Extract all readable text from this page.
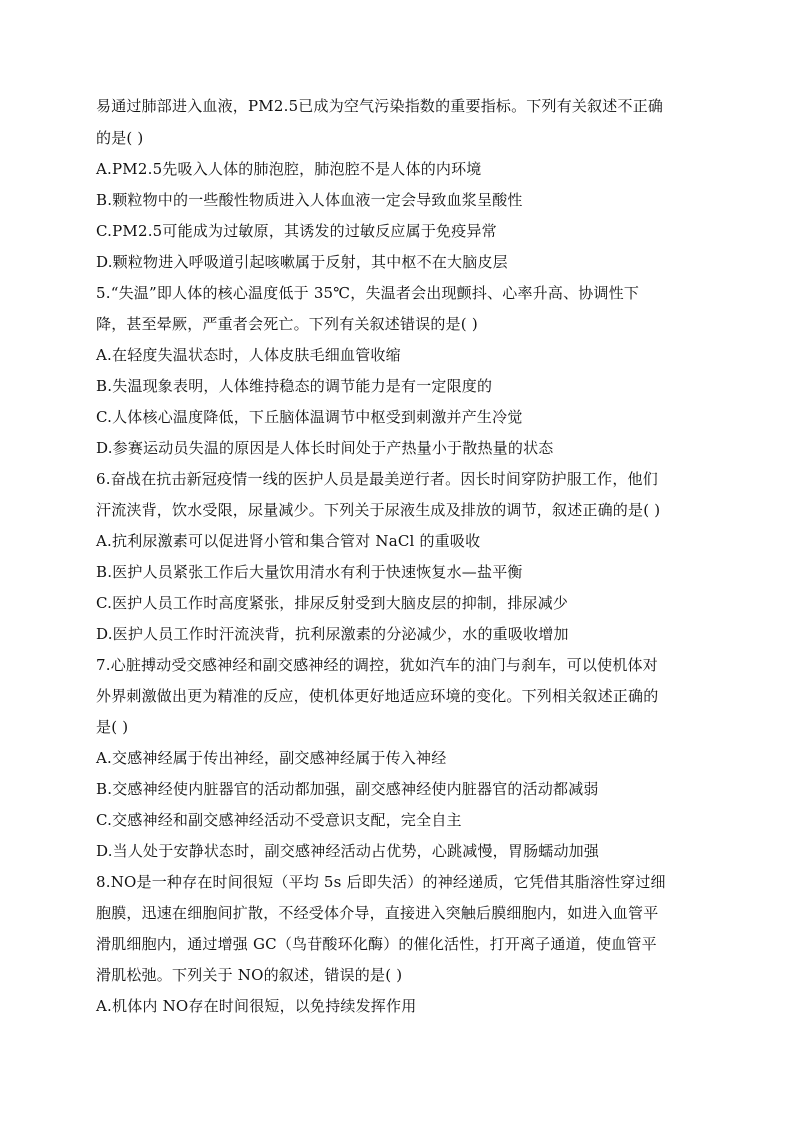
易通过肺部进入血液，PM2.5已成为空气污染指数的重要指标。下列有关叙述不正确
的是( )
A.PM2.5先吸入人体的肺泡腔，肺泡腔不是人体的内环境
B.颗粒物中的一些酸性物质进入人体血液一定会导致血浆呈酸性
C.PM2.5可能成为过敏原，其诱发的过敏反应属于免疫异常
D.颗粒物进入呼吸道引起咳嗽属于反射，其中枢不在大脑皮层
5.“失温”即人体的核心温度低于 35℃，失温者会出现颤抖、心率升高、协调性下
降，甚至晕厥，严重者会死亡。下列有关叙述错误的是( )
A.在轻度失温状态时，人体皮肤毛细血管收缩
B.失温现象表明，人体维持稳态的调节能力是有一定限度的
C.人体核心温度降低，下丘脑体温调节中枢受到刺激并产生冷觉
D.参赛运动员失温的原因是人体长时间处于产热量小于散热量的状态
6.奋战在抗击新冠疫情一线的医护人员是最美逆行者。因长时间穿防护服工作，他们
汗流浃背，饮水受限，尿量减少。下列关于尿液生成及排放的调节，叙述正确的是( )
A.抗利尿激素可以促进肾小管和集合管对 NaCl 的重吸收
B.医护人员紧张工作后大量饮用清水有利于快速恢复水—盐平衡
C.医护人员工作时高度紧张，排尿反射受到大脑皮层的抑制，排尿减少
D.医护人员工作时汗流浃背，抗利尿激素的分泌减少，水的重吸收增加
7.心脏搏动受交感神经和副交感神经的调控，犹如汽车的油门与刹车，可以使机体对
外界刺激做出更为精准的反应，使机体更好地适应环境的变化。下列相关叙述正确的
是( )
A.交感神经属于传出神经，副交感神经属于传入神经
B.交感神经使内脏器官的活动都加强，副交感神经使内脏器官的活动都减弱
C.交感神经和副交感神经活动不受意识支配，完全自主
D.当人处于安静状态时，副交感神经活动占优势，心跳减慢，胃肠蠕动加强
8.NO是一种存在时间很短（平均 5s 后即失活）的神经递质，它凭借其脂溶性穿过细
胞膜，迅速在细胞间扩散，不经受体介导，直接进入突触后膜细胞内，如进入血管平
滑肌细胞内，通过增强 GC（鸟苷酸环化酶）的催化活性，打开离子通道，使血管平
滑肌松弛。下列关于 NO的叙述，错误的是( )
A.机体内 NO存在时间很短，以免持续发挥作用
